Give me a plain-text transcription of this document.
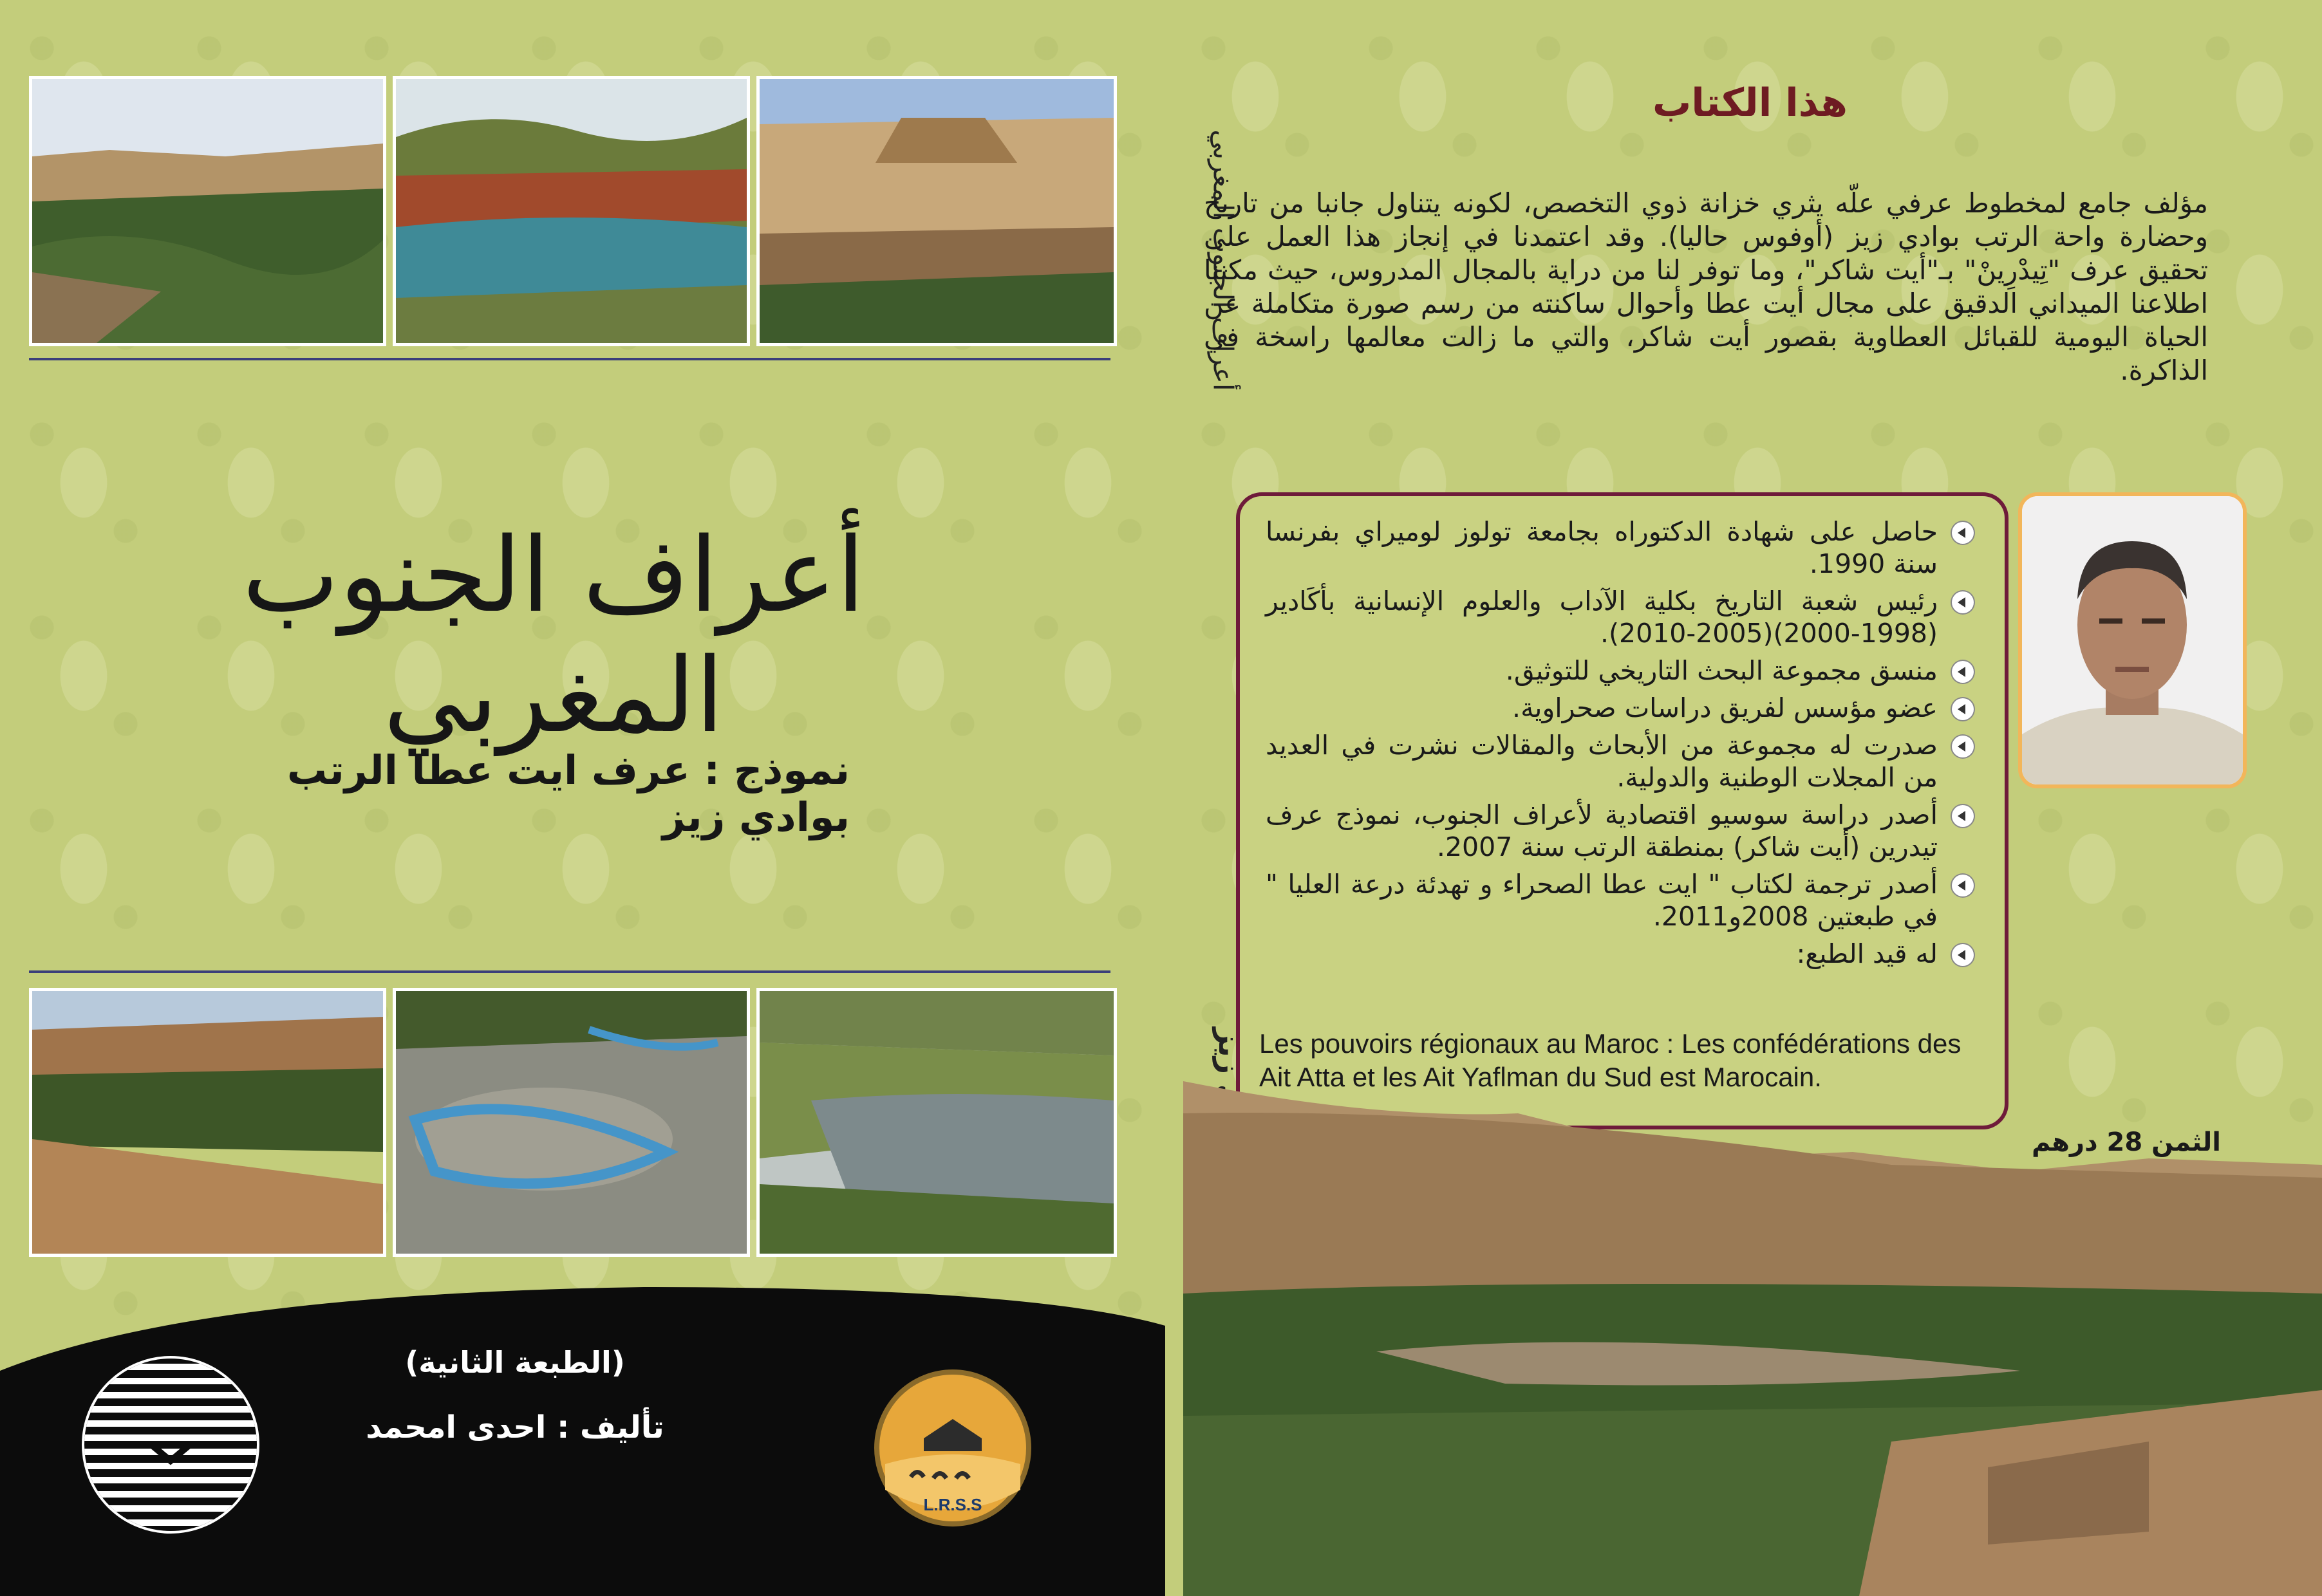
أعراف الجنوب المغربي
أعراف الجنوب المغربي
نموذج : عرف ايت عطا الرتب بوادي زيز
(الطبعة الثانية)
تأليف : احدى امحمد
L.R.S.S
هذا الكتاب
مؤلف جامع لمخطوط عرفي علّه يثري خزانة ذوي التخصص، لكونه يتناول جانبا من تاريخ وحضارة واحة الرتب بوادي زيز (أوفوس حاليا). وقد اعتمدنا في إنجاز هذا العمل على تحقيق عرف "تِيدْرِينْ" بـ"أيت شاكر"، وما توفر لنا من دراية بالمجال المدروس، حيث مكننا اطلاعنا الميداني الدقيق على مجال أيت عطا وأحوال ساكنته من رسم صورة متكاملة عن الحياة اليومية للقبائل العطاوية بقصور أيت شاكر، والتي ما زالت معالمها راسخة في الذاكرة.
حاصل على شهادة الدكتوراه بجامعة تولوز لوميراي بفرنسا سنة 1990.
رئيس شعبة التاريخ بكلية الآداب والعلوم الإنسانية بأكَادير (1998-2000)(2005-2010).
منسق مجموعة البحث التاريخي للتوثيق.
عضو مؤسس لفريق دراسات صحراوية.
صدرت له مجموعة من الأبحاث والمقالات نشرت في العديد من المجلات الوطنية والدولية.
أصدر دراسة سوسيو اقتصادية لأعراف الجنوب، نموذج عرف تيدرين (أيت شاكر) بمنطقة الرتب سنة 2007.
أصدر ترجمة لكتاب " ايت عطا الصحراء و تهدئة درعة العليا " في طبعتين 2008و2011.
له قيد الطبع:
Les pouvoirs régionaux au Maroc : Les confédérations des Ait Atta et les Ait Yaflman du Sud est Marocain.
الثمن 28 درهم
